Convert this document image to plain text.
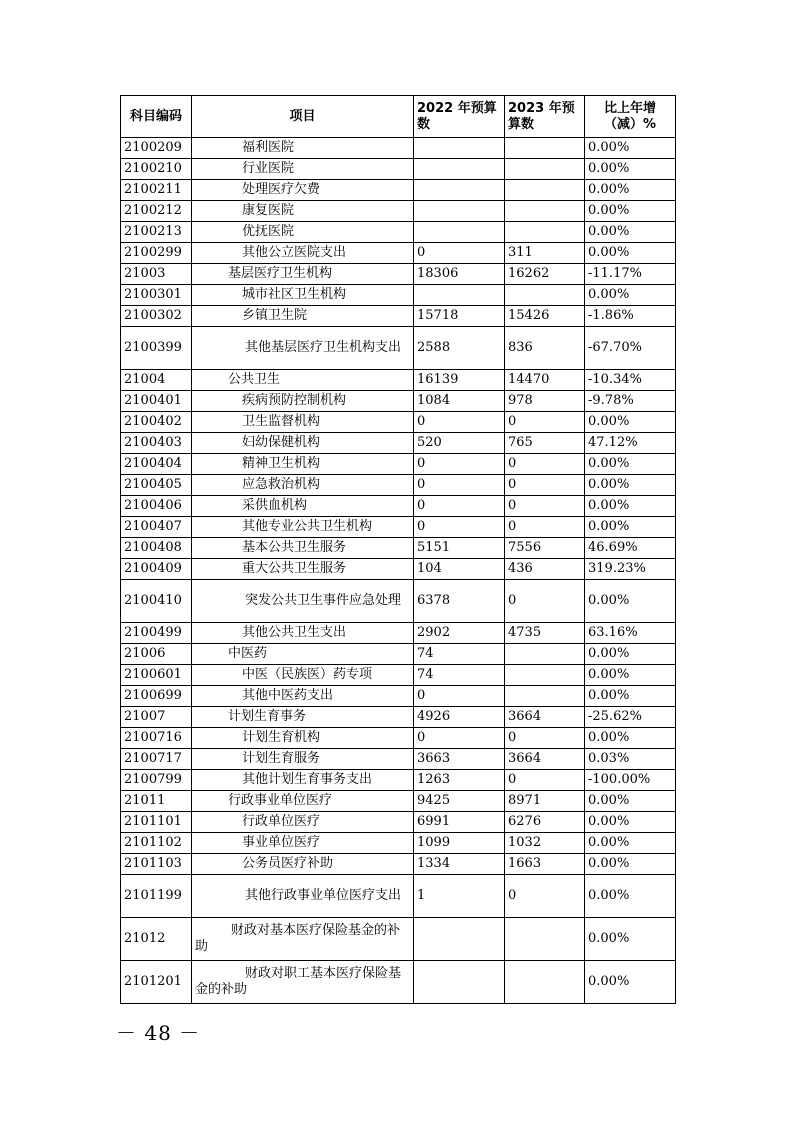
科目编码	项目	2022 年预算数	2023 年预算数	比上年增（减）%
2100209	福利医院			0.00%
2100210	行业医院			0.00%
2100211	处理医疗欠费			0.00%
2100212	康复医院			0.00%
2100213	优抚医院			0.00%
2100299	其他公立医院支出	0	311	0.00%
21003	基层医疗卫生机构	18306	16262	-11.17%
2100301	城市社区卫生机构			0.00%
2100302	乡镇卫生院	15718	15426	-1.86%
2100399	其他基层医疗卫生机构支出	2588	836	-67.70%
21004	公共卫生	16139	14470	-10.34%
2100401	疾病预防控制机构	1084	978	-9.78%
2100402	卫生监督机构	0	0	0.00%
2100403	妇幼保健机构	520	765	47.12%
2100404	精神卫生机构	0	0	0.00%
2100405	应急救治机构	0	0	0.00%
2100406	采供血机构	0	0	0.00%
2100407	其他专业公共卫生机构	0	0	0.00%
2100408	基本公共卫生服务	5151	7556	46.69%
2100409	重大公共卫生服务	104	436	319.23%
2100410	突发公共卫生事件应急处理	6378	0	0.00%
2100499	其他公共卫生支出	2902	4735	63.16%
21006	中医药	74		0.00%
2100601	中医（民族医）药专项	74		0.00%
2100699	其他中医药支出	0		0.00%
21007	计划生育事务	4926	3664	-25.62%
2100716	计划生育机构	0	0	0.00%
2100717	计划生育服务	3663	3664	0.03%
2100799	其他计划生育事务支出	1263	0	-100.00%
21011	行政事业单位医疗	9425	8971	0.00%
2101101	行政单位医疗	6991	6276	0.00%
2101102	事业单位医疗	1099	1032	0.00%
2101103	公务员医疗补助	1334	1663	0.00%
2101199	其他行政事业单位医疗支出	1	0	0.00%
21012	财政对基本医疗保险基金的补助			0.00%
2101201	财政对职工基本医疗保险基金的补助			0.00%
－ 48 －
